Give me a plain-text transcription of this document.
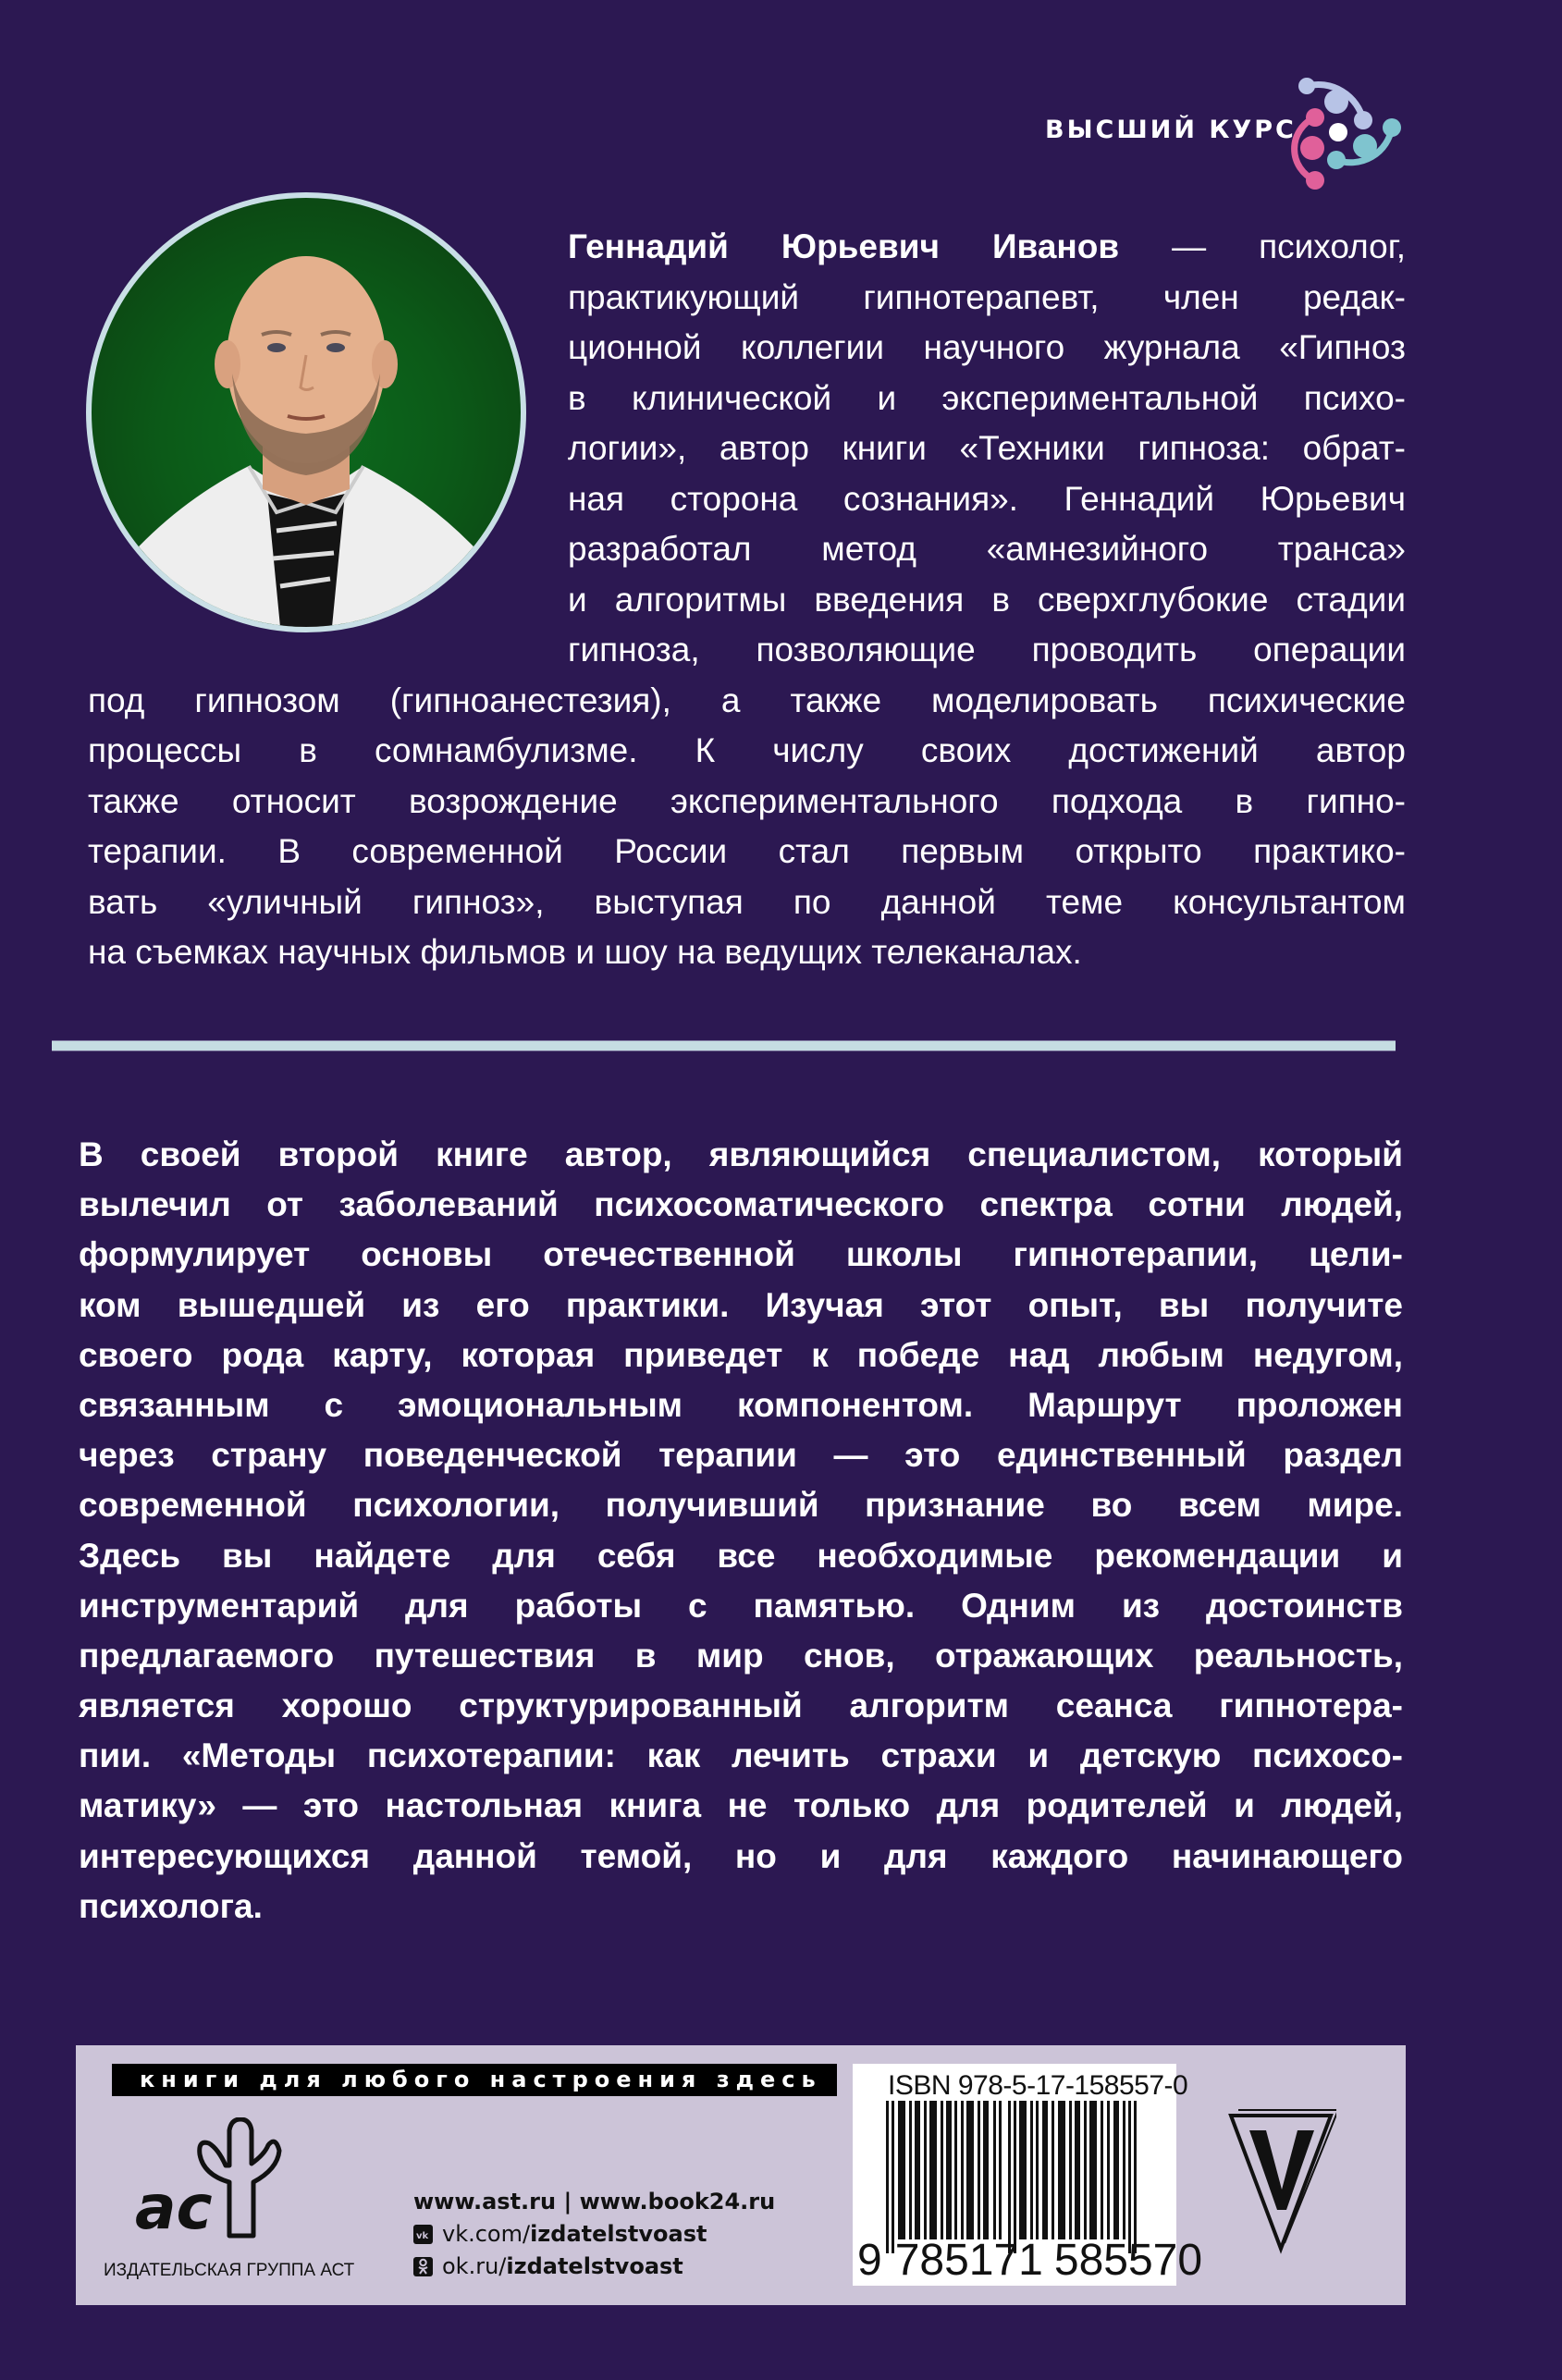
ВЫСШИЙ КУРС
Геннадий Юрьевич Иванов — психолог,
практикующий гипнотерапевт, член редак-
ционной коллегии научного журнала «Гипноз
в клинической и экспериментальной психо-
логии», автор книги «Техники гипноза: обрат-
ная сторона сознания». Геннадий Юрьевич
разработал метод «амнезийного транса»
и алгоритмы введения в сверхглубокие стадии
гипноза, позволяющие проводить операции
под гипнозом (гипноанестезия), а также моделировать психические
процессы в сомнамбулизме. К числу своих достижений автор
также относит возрождение экспериментального подхода в гипно-
терапии. В современной России стал первым открыто практико-
вать «уличный гипноз», выступая по данной теме консультантом
на съемках научных фильмов и шоу на ведущих телеканалах.
В своей второй книге автор, являющийся специалистом, который
вылечил от заболеваний психосоматического спектра сотни людей,
формулирует основы отечественной школы гипнотерапии, цели-
ком вышедшей из его практики. Изучая этот опыт, вы получите
своего рода карту, которая приведет к победе над любым недугом,
связанным с эмоциональным компонентом. Маршрут проложен
через страну поведенческой терапии — это единственный раздел
современной психологии, получивший признание во всем мире.
Здесь вы найдете для себя все необходимые рекомендации и
инструментарий для работы с памятью. Одним из достоинств
предлагаемого путешествия в мир снов, отражающих реальность,
является хорошо структурированный алгоритм сеанса гипнотера-
пии. «Методы психотерапии: как лечить страхи и детскую психосо-
матику» — это настольная книга не только для родителей и людей,
интересующихся данной темой, но и для каждого начинающего
психолога.
книги для любого настроения здесь
ac
ИЗДАТЕЛЬСКАЯ ГРУППА АСТ
www.ast.ru | www.book24.ru
vk vk.com/ izdatelstvoast
ok.ru/ izdatelstvoast
ISBN 978-5-17-158557-0
9 785171 585570
